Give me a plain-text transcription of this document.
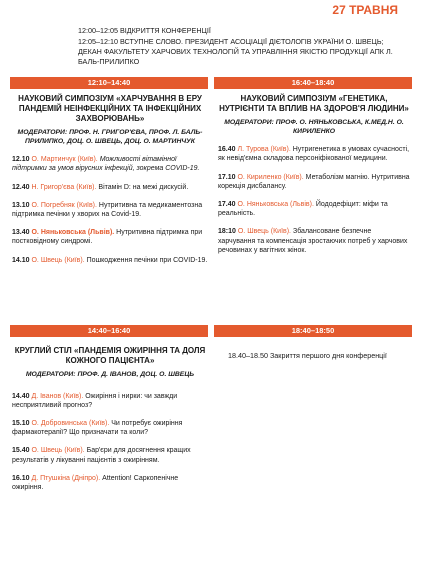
27 ТРАВНЯ
12:00–12:05 ВІДКРИТТЯ КОНФЕРЕНЦІЇ
12:05–12:10 ВСТУПНЕ СЛОВО. ПРЕЗИДЕНТ АСОЦІАЦІЇ ДІЄТОЛОГІВ УКРАЇНИ О. ШВЕЦЬ; ДЕКАН ФАКУЛЬТЕТУ ХАРЧОВИХ ТЕХНОЛОГІЙ ТА УПРАВЛІННЯ ЯКІСТЮ ПРОДУКЦІЇ АПК Л. БАЛЬ-ПРИЛИПКО
12:10–14:40
НАУКОВИЙ СИМПОЗІУМ «ХАРЧУВАННЯ В ЕРУ ПАНДЕМІЙ НЕІНФЕКЦІЙНИХ ТА ІНФЕКЦІЙНИХ ЗАХВОРЮВАНЬ»
МОДЕРАТОРИ: ПРОФ. Н. ГРИГОР'ЄВА, ПРОФ. Л. БАЛЬ-ПРИЛИПКО, ДОЦ. О. ШВЕЦЬ, ДОЦ. О. МАРТИНЧУК
12.10 О. Мартинчук (Київ). Можливості вітамінної підтримки за умов вірусних інфекцій, зокрема COVID-19.
12.40 Н. Григор'єва (Київ). Вітамін D: на межі дискусій.
13.10 О. Погребняк (Київ). Нутритивна та медикаментозна підтримка печінки у хворих на Covid-19.
13.40 О. Няньковська (Львів). Нутритивна підтримка при постковідному синдромі.
14.10 О. Швець (Київ). Пошкодження печінки при COVID-19.
16:40–18:40
НАУКОВИЙ СИМПОЗІУМ «ГЕНЕТИКА, НУТРІЄНТИ ТА ВПЛИВ НА ЗДОРОВ'Я ЛЮДИНИ»
МОДЕРАТОРИ: ПРОФ. О. НЯНЬКОВСЬКА, К.МЕД.Н. О. КИРИЛЕНКО
16.40 Л. Турова (Київ). Нутригенетика в умовах сучасності, як невід'ємна складова персоніфікованої медицини.
17.10 О. Кириленко (Київ). Метаболізм магнію. Нутритивна корекція дисбалансу.
17.40 О. Няньковська (Львів). Йододефіцит: міфи та реальність.
18:10 О. Швець (Київ). Збалансоване безпечне харчування та компенсація зростаючих потреб у харчових речовинах у вагітних жінок.
14:40–16:40
КРУГЛИЙ СТІЛ «ПАНДЕМІЯ ОЖИРІННЯ ТА ДОЛЯ КОЖНОГО ПАЦІЄНТА»
МОДЕРАТОРИ: ПРОФ. Д. ІВАНОВ, ДОЦ. О. ШВЕЦЬ
14.40 Д. Іванов (Київ). Ожиріння і нирки: чи завжди несприятливий прогноз?
15.10 О. Добровинська (Київ). Чи потребує ожиріння фармакотерапії? Що призначати та коли?
15.40 О. Швець (Київ). Бар'єри для досягнення кращих результатів у лікуванні пацієнтів з ожирінням.
16.10 Д. Птушкіна (Дніпро). Attention! Саркопенічне ожиріння.
18:40–18:50
18.40–18.50 Закриття першого дня конференції
